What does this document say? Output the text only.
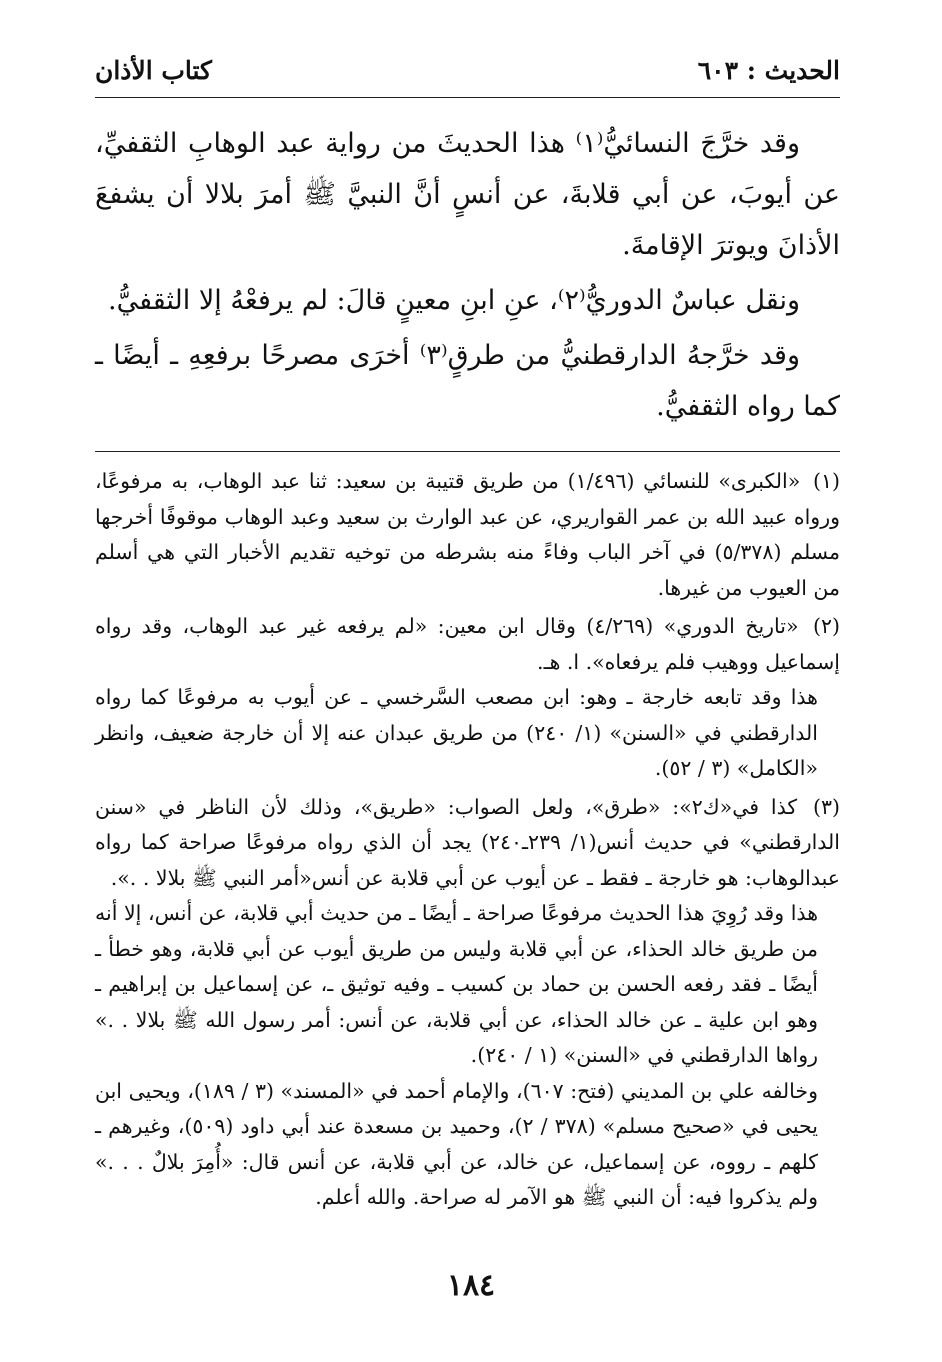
الحديث : ٦٠٣
كتاب الأذان

وقد خرَّجَ النسائيُّ⁽١⁾ هذا الحديثَ من رواية عبد الوهابِ الثقفيِّ، عن أيوبَ، عن أبي قلابةَ، عن أنسٍ أنَّ النبيَّ ﷺ أمرَ بلالا أن يشفعَ الأذانَ ويوترَ الإقامةَ.

ونقل عباسٌ الدوريُّ⁽٢⁾، عنِ ابنِ معينٍ قالَ: لم يرفعْهُ إلا الثقفيُّ.

وقد خرَّجهُ الدارقطنيُّ من طرقٍ⁽٣⁾ أخرَى مصرحًا برفعِهِ ـ أيضًا ـ كما رواه الثقفيُّ.

(١) «الكبرى» للنسائي (١/٤٩٦) من طريق قتيبة بن سعيد: ثنا عبد الوهاب، به مرفوعًا، ورواه عبيد الله بن عمر القواريري، عن عبد الوارث بن سعيد وعبد الوهاب موقوفًا أخرجها مسلم (٥/٣٧٨) في آخر الباب وفاءً منه بشرطه من توخيه تقديم الأخبار التي هي أسلم من العيوب من غيرها.

(٢) «تاريخ الدوري» (٤/٢٦٩) وقال ابن معين: «لم يرفعه غير عبد الوهاب، وقد رواه إسماعيل ووهيب فلم يرفعاه». ا. هـ.

هذا وقد تابعه خارجة ـ وهو: ابن مصعب السَّرخسي ـ عن أيوب به مرفوعًا كما رواه الدارقطني في «السنن» (١/ ٢٤٠) من طريق عبدان عنه إلا أن خارجة ضعيف، وانظر «الكامل» (٣ / ٥٢).

(٣) كذا في«ك٢»: «طرق»، ولعل الصواب: «طريق»، وذلك لأن الناظر في «سنن الدارقطني» في حديث أنس(١/ ٢٣٩ـ٢٤٠) يجد أن الذي رواه مرفوعًا صراحة كما رواه عبدالوهاب: هو خارجة ـ فقط ـ عن أيوب عن أبي قلابة عن أنس«أمر النبي ﷺ بلالا . .».

هذا وقد رُوِيَ هذا الحديث مرفوعًا صراحة ـ أيضًا ـ من حديث أبي قلابة، عن أنس، إلا أنه من طريق خالد الحذاء، عن أبي قلابة وليس من طريق أيوب عن أبي قلابة، وهو خطأ ـ أيضًا ـ فقد رفعه الحسن بن حماد بن كسيب ـ وفيه توثيق ـ، عن إسماعيل بن إبراهيم ـ وهو ابن علية ـ عن خالد الحذاء، عن أبي قلابة، عن أنس: أمر رسول الله ﷺ بلالا . .» رواها الدارقطني في «السنن» (١ / ٢٤٠).

وخالفه علي بن المديني (فتح: ٦٠٧)، والإمام أحمد في «المسند» (٣ / ١٨٩)، ويحيى ابن يحيى في «صحيح مسلم» (٣٧٨ / ٢)، وحميد بن مسعدة عند أبي داود (٥٠٩)، وغيرهم ـ كلهم ـ رووه، عن إسماعيل، عن خالد، عن أبي قلابة، عن أنس قال: «أُمِرَ بلالٌ . . .» ولم يذكروا فيه: أن النبي ﷺ هو الآمر له صراحة. والله أعلم.

١٨٤
